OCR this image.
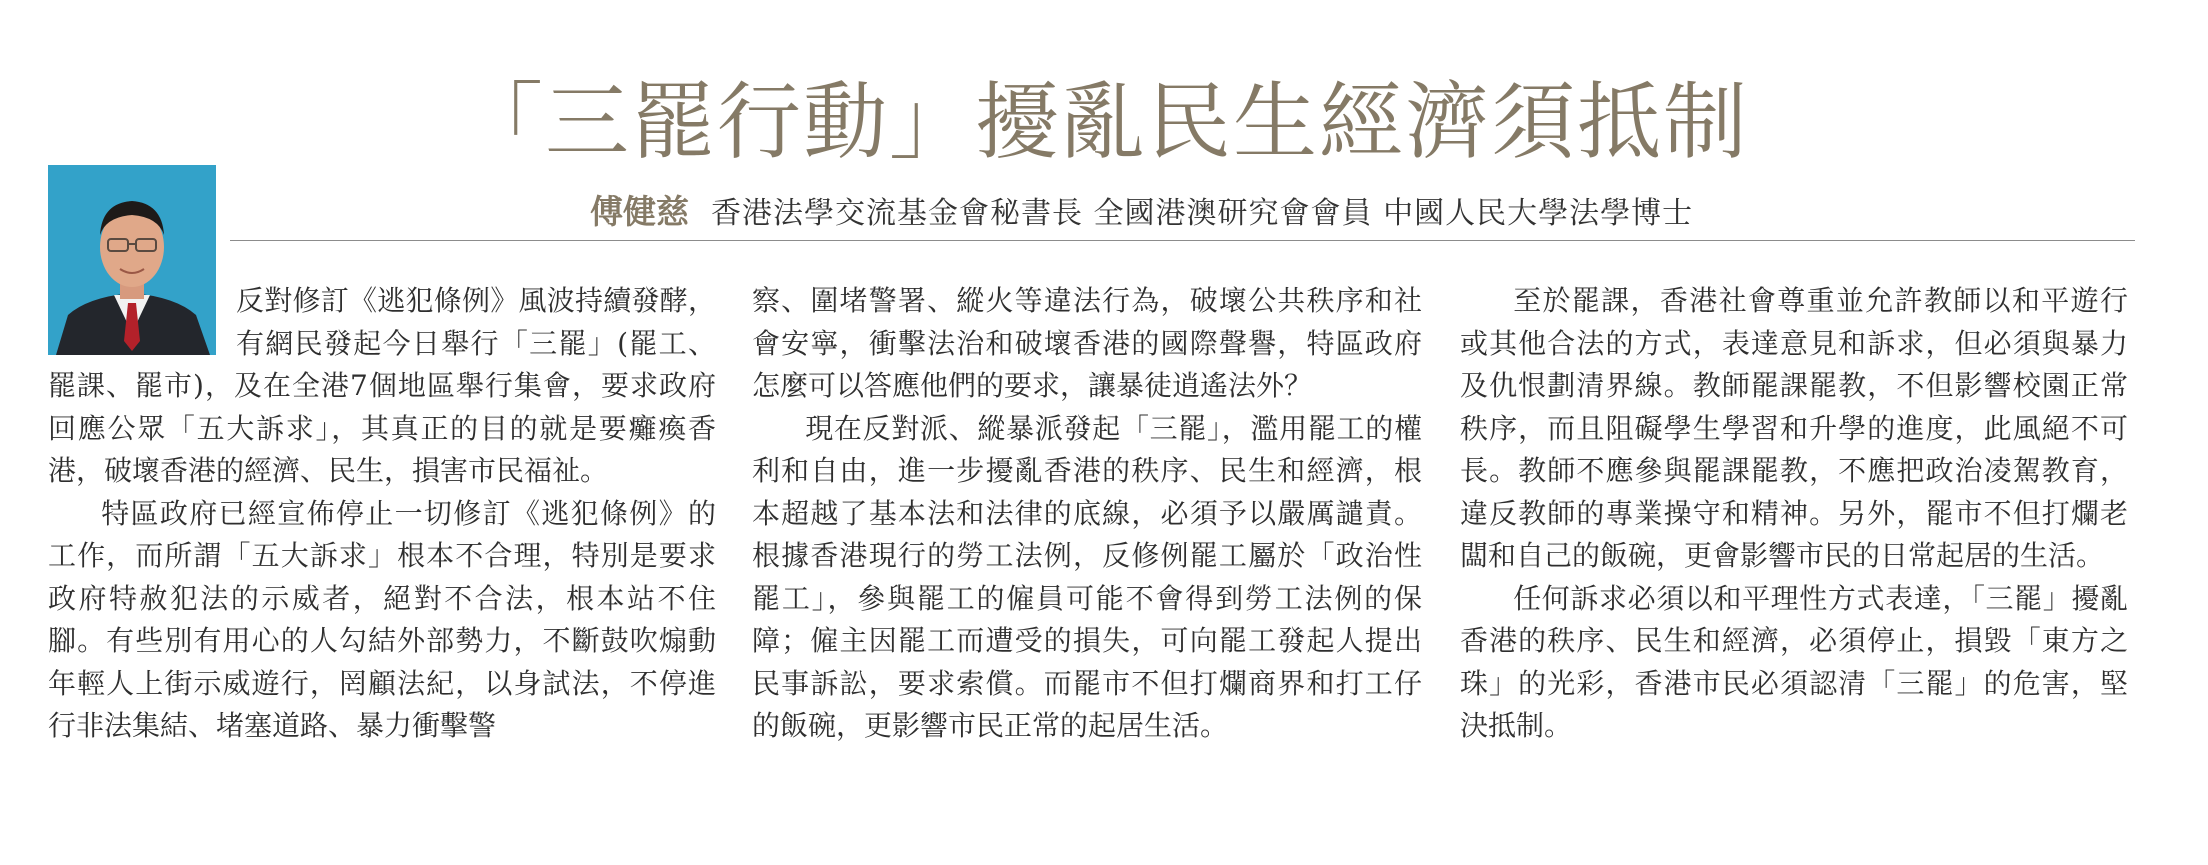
「三罷行動」擾亂民生經濟須抵制
傅健慈 香港法學交流基金會秘書長 全國港澳研究會會員 中國人民大學法學博士

反對修訂《逃犯條例》風波持續發酵，有網民發起今日舉行「三罷」(罷工、罷課、罷市)，及在全港7個地區舉行集會，要求政府回應公眾「五大訴求」，其真正的目的就是要癱瘓香港，破壞香港的經濟、民生，損害市民福祉。

特區政府已經宣佈停止一切修訂《逃犯條例》的工作，而所謂「五大訴求」根本不合理，特別是要求政府特赦犯法的示威者，絕對不合法，根本站不住腳。有些別有用心的人勾結外部勢力，不斷鼓吹煽動年輕人上街示威遊行，罔顧法紀，以身試法，不停進行非法集結、堵塞道路、暴力衝擊警

察、圍堵警署、縱火等違法行為，破壞公共秩序和社會安寧，衝擊法治和破壞香港的國際聲譽，特區政府怎麼可以答應他們的要求，讓暴徒逍遙法外？

現在反對派、縱暴派發起「三罷」，濫用罷工的權利和自由，進一步擾亂香港的秩序、民生和經濟，根本超越了基本法和法律的底線，必須予以嚴厲譴責。 根據香港現行的勞工法例，反修例罷工屬於「政治性罷工」，參與罷工的僱員可能不會得到勞工法例的保障；僱主因罷工而遭受的損失，可向罷工發起人提出民事訴訟，要求索償。而罷市不但打爛商界和打工仔的飯碗，更影響市民正常的起居生活。

至於罷課，香港社會尊重並允許教師以和平遊行或其他合法的方式，表達意見和訴求，但必須與暴力及仇恨劃清界線。教師罷課罷教，不但影響校園正常秩序，而且阻礙學生學習和升學的進度，此風絕不可長。教師不應參與罷課罷教，不應把政治凌駕教育，違反教師的專業操守和精神。另外，罷市不但打爛老闆和自己的飯碗，更會影響市民的日常起居的生活。

任何訴求必須以和平理性方式表達，「三罷」擾亂香港的秩序、民生和經濟，必須停止，損毀「東方之珠」的光彩，香港市民必須認清「三罷」的危害，堅決抵制。
